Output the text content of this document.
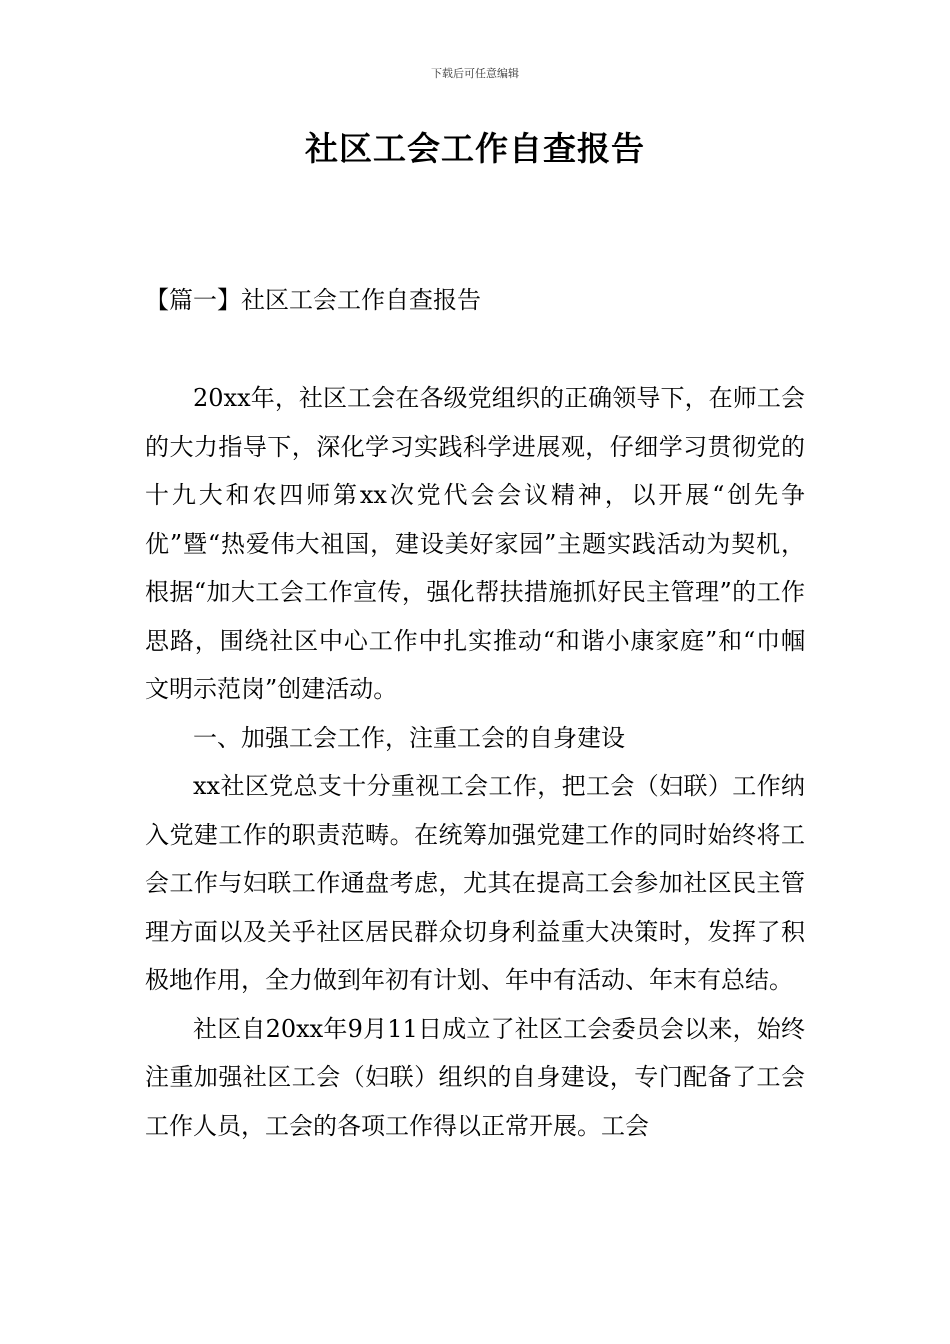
下载后可任意编辑
社区工会工作自查报告
【篇一】社区工会工作自查报告

20xx年，社区工会在各级党组织的正确领导下，在师工会的大力指导下，深化学习实践科学进展观，仔细学习贯彻党的十九大和农四师第xx次党代会会议精神，以开展“创先争优”暨“热爱伟大祖国，建设美好家园”主题实践活动为契机，根据“加大工会工作宣传，强化帮扶措施抓好民主管理”的工作思路，围绕社区中心工作中扎实推动“和谐小康家庭”和“巾帼文明示范岗”创建活动。

一、加强工会工作，注重工会的自身建设

xx社区党总支十分重视工会工作，把工会（妇联）工作纳入党建工作的职责范畴。在统筹加强党建工作的同时始终将工会工作与妇联工作通盘考虑，尤其在提高工会参加社区民主管理方面以及关乎社区居民群众切身利益重大决策时，发挥了积极地作用，全力做到年初有计划、年中有活动、年末有总结。

社区自20xx年9月11日成立了社区工会委员会以来，始终注重加强社区工会（妇联）组织的自身建设，专门配备了工会工作人员，工会的各项工作得以正常开展。工会
